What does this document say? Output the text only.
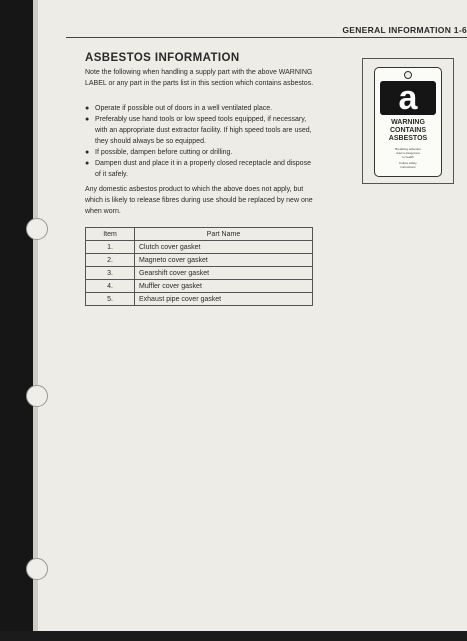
GENERAL INFORMATION 1-6
ASBESTOS INFORMATION
Note the following when handling a supply part with the above WARNING LABEL or any part in the parts list in this section which contains asbestos.
● Operate if possible out of doors in a well ventilated place.
● Preferably use hand tools or low speed tools equipped, if necessary, with an appropriate dust extractor facility. If high speed tools are used, they should always be so equipped.
● If possible, dampen before cutting or drilling.
● Dampen dust and place it in a properly closed receptacle and dispose of it safely.
Any domestic asbestos product to which the above does not apply, but which is likely to release fibres during use should be replaced by new one when worn.
Item	Part Name
1.	Clutch cover gasket
2.	Magneto cover gasket
3.	Gearshift cover gasket
4.	Muffler cover gasket
5.	Exhaust pipe cover gasket
a
WARNING
CONTAINS
ASBESTOS
Breathing asbestos
dust is dangerous
to health
Follow safety
instructions
